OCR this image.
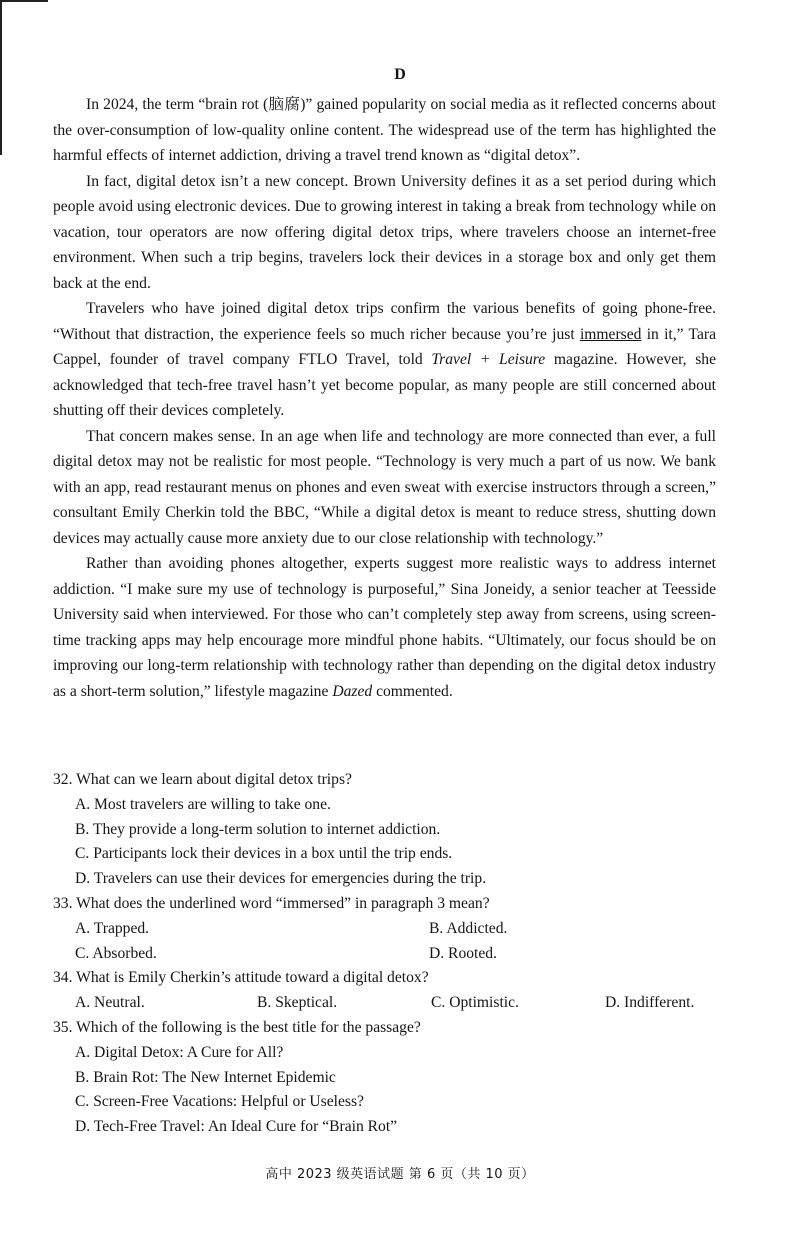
D

In 2024, the term “brain rot (脑腐)” gained popularity on social media as it reflected concerns about the over-consumption of low-quality online content. The widespread use of the term has highlighted the harmful effects of internet addiction, driving a travel trend known as “digital detox”.

In fact, digital detox isn’t a new concept. Brown University defines it as a set period during which people avoid using electronic devices. Due to growing interest in taking a break from technology while on vacation, tour operators are now offering digital detox trips, where travelers choose an internet-free environment. When such a trip begins, travelers lock their devices in a storage box and only get them back at the end.

Travelers who have joined digital detox trips confirm the various benefits of going phone-free. “Without that distraction, the experience feels so much richer because you’re just immersed in it,” Tara Cappel, founder of travel company FTLO Travel, told Travel + Leisure magazine. However, she acknowledged that tech-free travel hasn’t yet become popular, as many people are still concerned about shutting off their devices completely.

That concern makes sense. In an age when life and technology are more connected than ever, a full digital detox may not be realistic for most people. “Technology is very much a part of us now. We bank with an app, read restaurant menus on phones and even sweat with exercise instructors through a screen,” consultant Emily Cherkin told the BBC, “While a digital detox is meant to reduce stress, shutting down devices may actually cause more anxiety due to our close relationship with technology.”

Rather than avoiding phones altogether, experts suggest more realistic ways to address internet addiction. “I make sure my use of technology is purposeful,” Sina Joneidy, a senior teacher at Teesside University said when interviewed. For those who can’t completely step away from screens, using screen-time tracking apps may help encourage more mindful phone habits. “Ultimately, our focus should be on improving our long-term relationship with technology rather than depending on the digital detox industry as a short-term solution,” lifestyle magazine Dazed commented.

32. What can we learn about digital detox trips?

A. Most travelers are willing to take one.
B. They provide a long-term solution to internet addiction.
C. Participants lock their devices in a box until the trip ends.
D. Travelers can use their devices for emergencies during the trip.

33. What does the underlined word “immersed” in paragraph 3 mean?

A. Trapped.	B. Addicted.
C. Absorbed.	D. Rooted.

34. What is Emily Cherkin’s attitude toward a digital detox?

A. Neutral.	B. Skeptical.	C. Optimistic.	D. Indifferent.

35. Which of the following is the best title for the passage?

A. Digital Detox: A Cure for All?
B. Brain Rot: The New Internet Epidemic
C. Screen-Free Vacations: Helpful or Useless?
D. Tech-Free Travel: An Ideal Cure for “Brain Rot”
高中 2023 级英语试题 第 6 页（共 10 页）
